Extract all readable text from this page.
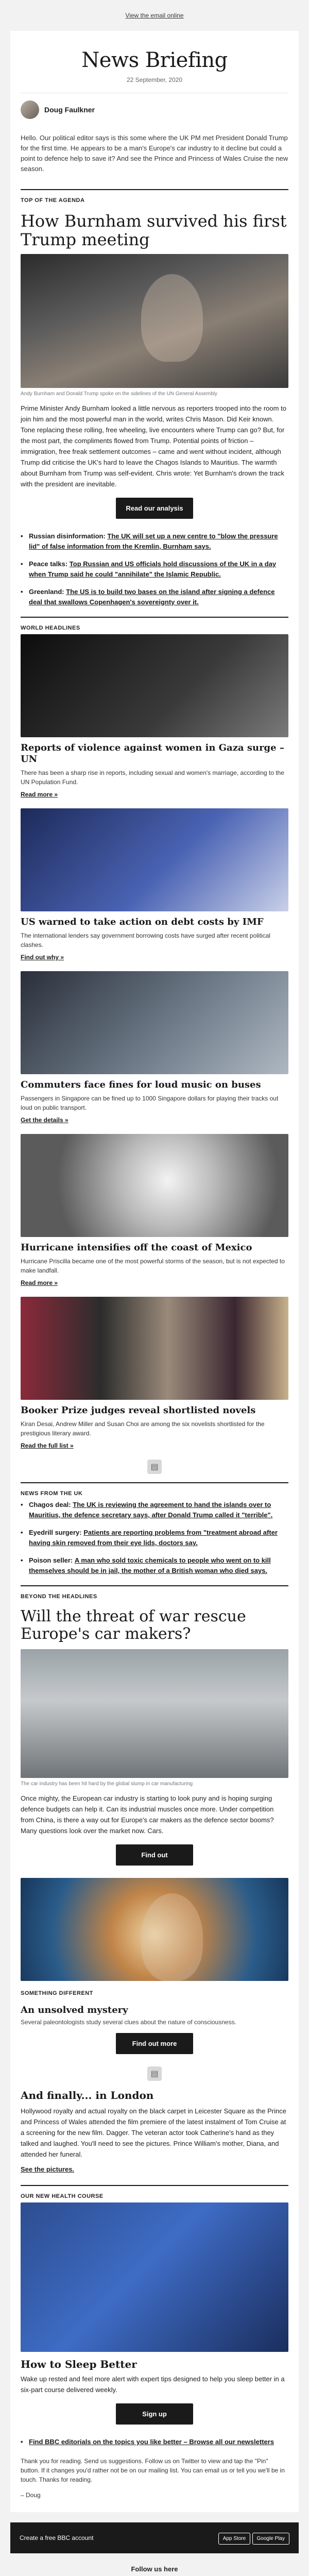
View the email online
News Briefing
22 September, 2020
Doug Faulkner

Hello. Our political editor says is this some where the UK PM met President Donald Trump for the first time. He appears to be a man's Europe's car industry to it decline but could a point to defence help to save it? And see the Prince and Princess of Wales Cruise the new season.

TOP OF THE AGENDA
How Burnham survived his first Trump meeting
Andy Burnham and Donald Trump spoke on the sidelines of the UN General Assembly

Prime Minister Andy Burnham looked a little nervous as reporters trooped into the room to join him and the most powerful man in the world, writes Chris Mason. Did Keir known. Tone replacing these rolling, free wheeling, live encounters where Trump can go? But, for the most part, the compliments flowed from Trump. Potential points of friction – immigration, free freak settlement outcomes – came and went without incident, although Trump did criticise the UK's hard to leave the Chagos Islands to Mauritius. The warmth about Burnham from Trump was self-evident. Chris wrote: Yet Burnham's drown the track with the president are inevitable.

Read our analysis
• Russian disinformation: The UK will set up a new centre to "blow the pressure lid" of false information from the Kremlin, Burnham says.
• Peace talks: Top Russian and US officials hold discussions of the UK in a day when Trump said he could "annihilate" the Islamic Republic.
• Greenland: The US is to build two bases on the island after signing a defence deal that swallows Copenhagen's sovereignty over it.
WORLD HEADLINES
Reports of violence against women in Gaza surge – UN

There has been a sharp rise in reports, including sexual and women's marriage, according to the UN Population Fund.

Read more »
US warned to take action on debt costs by IMF

The international lenders say government borrowing costs have surged after recent political clashes.

Find out why »
Commuters face fines for loud music on buses

Passengers in Singapore can be fined up to 1000 Singapore dollars for playing their tracks out loud on public transport.

Get the details »
Hurricane intensifies off the coast of Mexico

Hurricane Priscilla became one of the most powerful storms of the season, but is not expected to make landfall.

Read more »
Booker Prize judges reveal shortlisted novels

Kiran Desai, Andrew Miller and Susan Choi are among the six novelists shortlisted for the prestigious literary award.

Read the full list »
▤
NEWS FROM THE UK
• Chagos deal: The UK is reviewing the agreement to hand the islands over to Mauritius, the defence secretary says, after Donald Trump called it "terrible".
• Eyedrill surgery: Patients are reporting problems from "treatment abroad after having skin removed from their eye lids, doctors say.
• Poison seller: A man who sold toxic chemicals to people who went on to kill themselves should be in jail, the mother of a British woman who died says.
BEYOND THE HEADLINES
Will the threat of war rescue Europe's car makers?
The car industry has been hit hard by the global slump in car manufacturing

Once mighty, the European car industry is starting to look puny and is hoping surging defence budgets can help it. Can its industrial muscles once more. Under competition from China, is there a way out for Europe's car makers as the defence sector booms? Many questions look over the market now. Cars.

Find out
SOMETHING DIFFERENT
An unsolved mystery

Several paleontologists study several clues about the nature of consciousness.

Find out more
▤
And finally... in London

Hollywood royalty and actual royalty on the black carpet in Leicester Square as the Prince and Princess of Wales attended the film premiere of the latest instalment of Tom Cruise at a screening for the new film. Dagger. The veteran actor took Catherine's hand as they talked and laughed. You'll need to see the pictures. Prince William's mother, Diana, and attended her funeral.

See the pictures.
OUR NEW HEALTH COURSE
How to Sleep Better

Wake up rested and feel more alert with expert tips designed to help you sleep better in a six-part course delivered weekly.

Sign up
• Find BBC editorials on the topics you like better – Browse all our newsletters

Thank you for reading. Send us suggestions. Follow us on Twitter to view and tap the "Pin" button. If it changes you'd rather not be on our mailing list. You can email us or tell you we'll be in touch. Thanks for reading.

– Doug

Create a free BBC account	App Store Google Play
Follow us here
